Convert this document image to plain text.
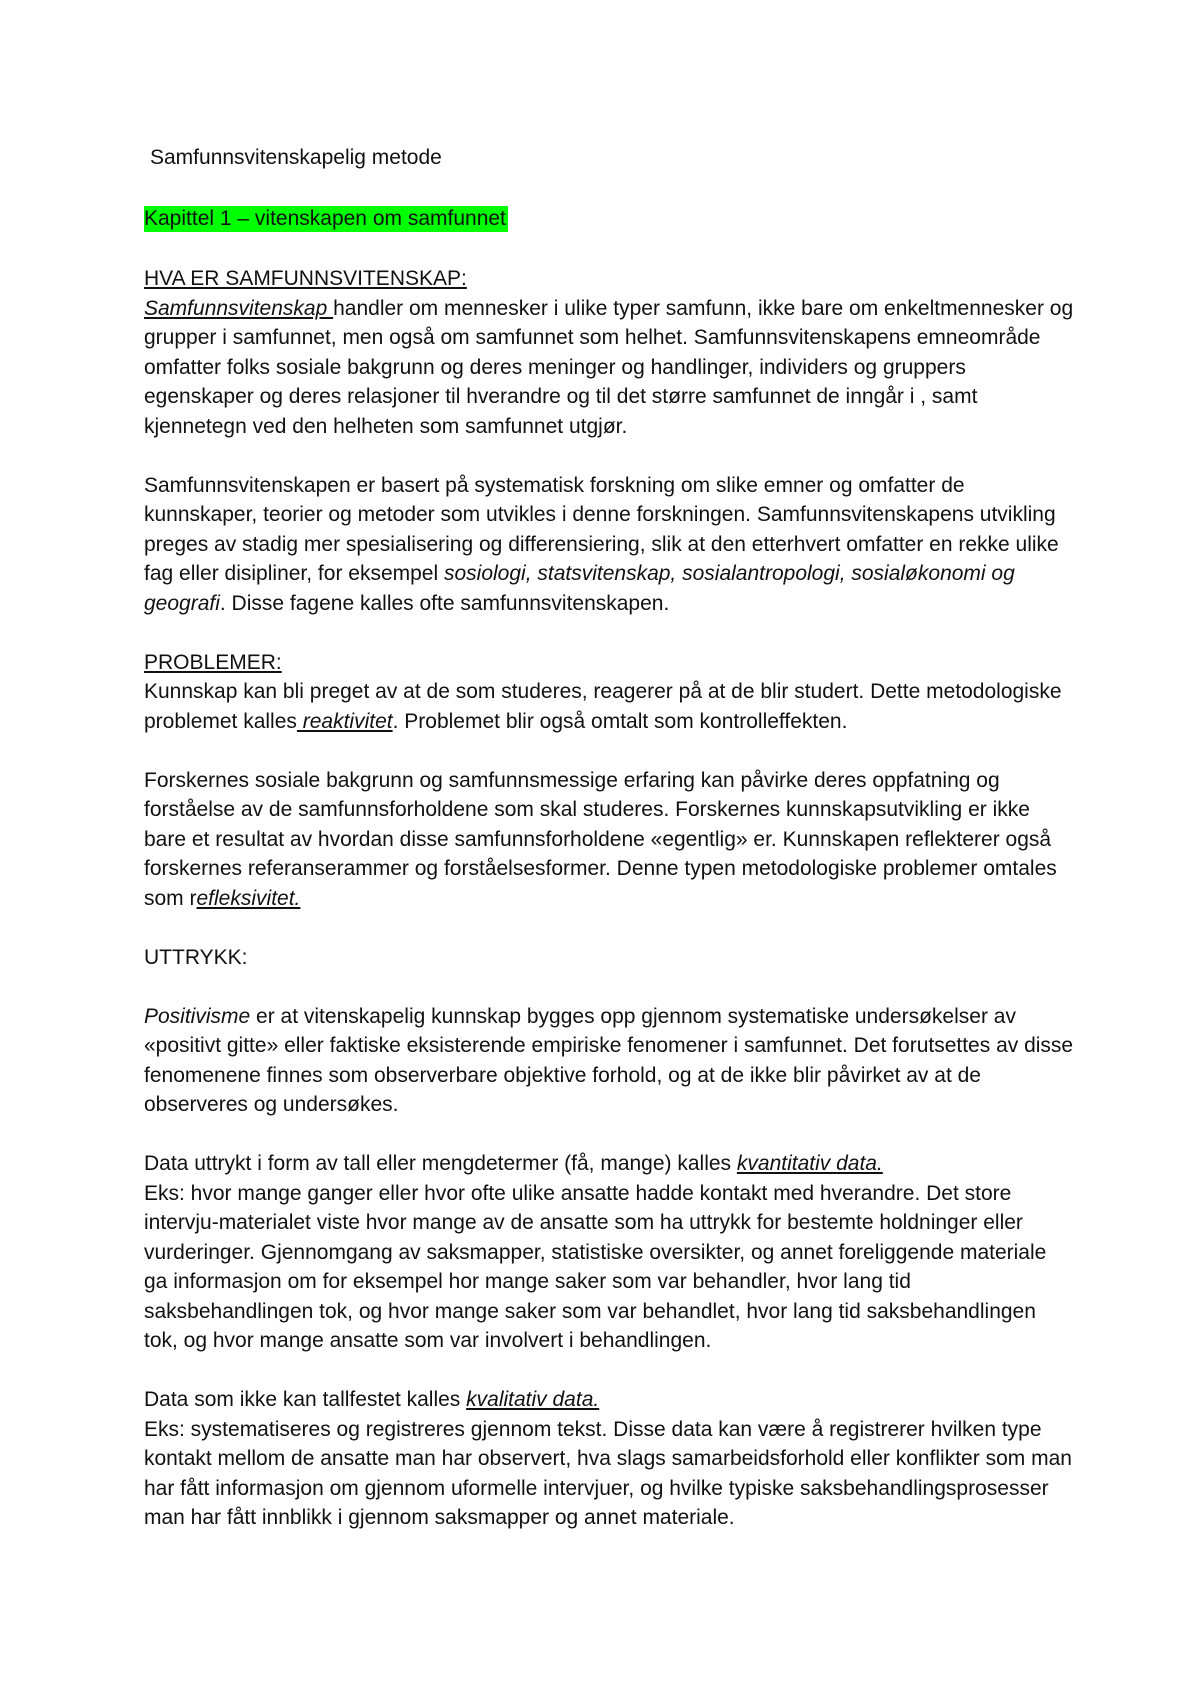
Samfunnsvitenskapelig metode
Kapittel 1 – vitenskapen om samfunnet
HVA ER SAMFUNNSVITENSKAP:

Samfunnsvitenskap handler om mennesker i ulike typer samfunn, ikke bare om enkeltmennesker og grupper i samfunnet, men også om samfunnet som helhet. Samfunnsvitenskapens emneområde omfatter folks sosiale bakgrunn og deres meninger og handlinger, individers og gruppers egenskaper og deres relasjoner til hverandre og til det større samfunnet de inngår i , samt kjennetegn ved den helheten som samfunnet utgjør.

Samfunnsvitenskapen er basert på systematisk forskning om slike emner og omfatter de kunnskaper, teorier og metoder som utvikles i denne forskningen. Samfunnsvitenskapens utvikling preges av stadig mer spesialisering og differensiering, slik at den etterhvert omfatter en rekke ulike fag eller disipliner, for eksempel sosiologi, statsvitenskap, sosialantropologi, sosialøkonomi og geografi. Disse fagene kalles ofte samfunnsvitenskapen.

PROBLEMER:

Kunnskap kan bli preget av at de som studeres, reagerer på at de blir studert. Dette metodologiske problemet kalles reaktivitet. Problemet blir også omtalt som kontrolleffekten.

Forskernes sosiale bakgrunn og samfunnsmessige erfaring kan påvirke deres oppfatning og forståelse av de samfunnsforholdene som skal studeres. Forskernes kunnskapsutvikling er ikke bare et resultat av hvordan disse samfunnsforholdene «egentlig» er. Kunnskapen reflekterer også forskernes referanserammer og forståelsesformer. Denne typen metodologiske problemer omtales som refleksivitet.

UTTRYKK:

Positivisme er at vitenskapelig kunnskap bygges opp gjennom systematiske undersøkelser av «positivt gitte» eller faktiske eksisterende empiriske fenomener i samfunnet. Det forutsettes av disse fenomenene finnes som observerbare objektive forhold, og at de ikke blir påvirket av at de observeres og undersøkes.

Data uttrykt i form av tall eller mengdetermer (få, mange) kalles kvantitativ data.

Eks: hvor mange ganger eller hvor ofte ulike ansatte hadde kontakt med hverandre. Det store intervju-materialet viste hvor mange av de ansatte som ha uttrykk for bestemte holdninger eller vurderinger. Gjennomgang av saksmapper, statistiske oversikter, og annet foreliggende materiale ga informasjon om for eksempel hor mange saker som var behandler, hvor lang tid saksbehandlingen tok, og hvor mange saker som var behandlet, hvor lang tid saksbehandlingen tok, og hvor mange ansatte som var involvert i behandlingen.

Data som ikke kan tallfestet kalles kvalitativ data.

Eks: systematiseres og registreres gjennom tekst. Disse data kan være å registrerer hvilken type kontakt mellom de ansatte man har observert, hva slags samarbeidsforhold eller konflikter som man har fått informasjon om gjennom uformelle intervjuer, og hvilke typiske saksbehandlingsprosesser man har fått innblikk i gjennom saksmapper og annet materiale.
